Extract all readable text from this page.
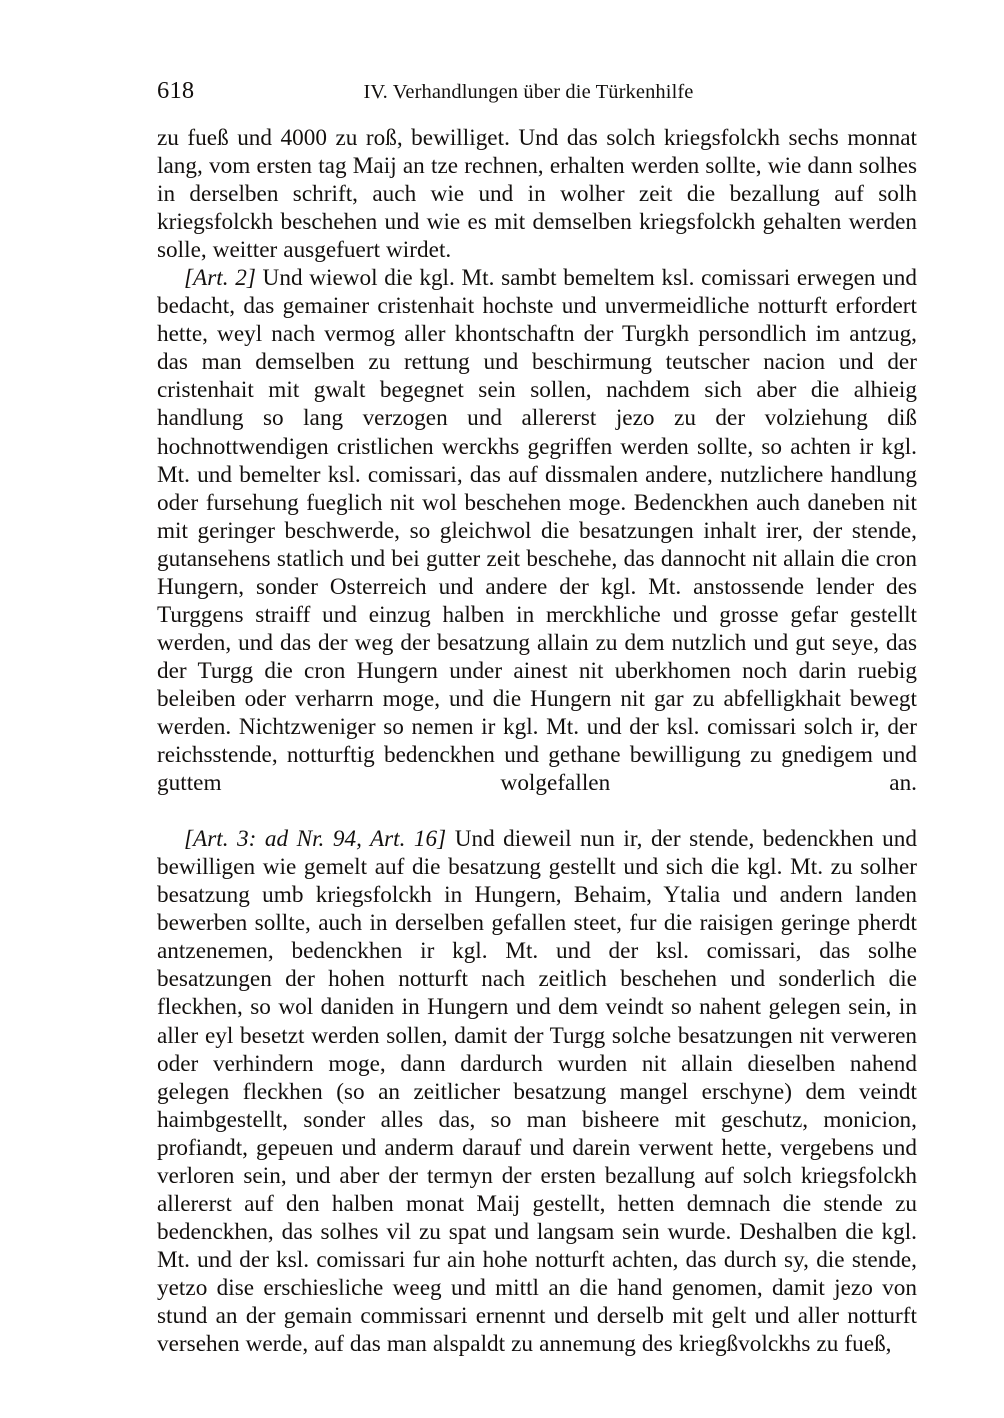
618	IV. Verhandlungen über die Türkenhilfe

zu fueß und 4000 zu roß, bewilliget. Und das solch kriegsfolckh sechs monnat lang, vom ersten tag Maij an tze rechnen, erhalten werden sollte, wie dann solhes in derselben schrift, auch wie und in wolher zeit die bezallung auf solh kriegsfolckh beschehen und wie es mit demselben kriegsfolckh gehalten werden solle, weitter ausgefuert wirdet.

[Art. 2] Und wiewol die kgl. Mt. sambt bemeltem ksl. comissari erwegen und bedacht, das gemainer cristenhait hochste und unvermeidliche notturft erfordert hette, weyl nach vermog aller khontschaftn der Turgkh persondlich im antzug, das man demselben zu rettung und beschirmung teutscher nacion und der cristenhait mit gwalt begegnet sein sollen, nachdem sich aber die alhieig handlung so lang verzogen und allererst jezo zu der volziehung diß hochnottwendigen cristlichen werckhs gegriffen werden sollte, so achten ir kgl. Mt. und bemelter ksl. comissari, das auf dissmalen andere, nutzlichere handlung oder fursehung fueglich nit wol beschehen moge. Bedenckhen auch daneben nit mit geringer beschwerde, so gleichwol die besatzungen inhalt irer, der stende, gutansehens statlich und bei gutter zeit beschehe, das dannocht nit allain die cron Hungern, sonder Osterreich und andere der kgl. Mt. anstossende lender des Turggens straiff und einzug halben in merckhliche und grosse gefar gestellt werden, und das der weg der besatzung allain zu dem nutzlich und gut seye, das der Turgg die cron Hungern under ainest nit uberkhomen noch darin ruebig beleiben oder verharrn moge, und die Hungern nit gar zu abfelligkhait bewegt werden. Nichtzweniger so nemen ir kgl. Mt. und der ksl. comissari solch ir, der reichsstende, notturftig bedenckhen und gethane bewilligung zu gnedigem und guttem wolgefallen an.

[Art. 3: ad Nr. 94, Art. 16] Und dieweil nun ir, der stende, bedenckhen und bewilligen wie gemelt auf die besatzung gestellt und sich die kgl. Mt. zu solher besatzung umb kriegsfolckh in Hungern, Behaim, Ytalia und andern landen bewerben sollte, auch in derselben gefallen steet, fur die raisigen geringe pherdt antzenemen, bedenckhen ir kgl. Mt. und der ksl. comissari, das solhe besatzungen der hohen notturft nach zeitlich beschehen und sonderlich die fleckhen, so wol daniden in Hungern und dem veindt so nahent gelegen sein, in aller eyl besetzt werden sollen, damit der Turgg solche besatzungen nit verweren oder verhindern moge, dann dardurch wurden nit allain dieselben nahend gelegen fleckhen (so an zeitlicher besatzung mangel erschyne) dem veindt haimbgestellt, sonder alles das, so man bisheere mit geschutz, monicion, profiandt, gepeuen und anderm darauf und darein verwent hette, vergebens und verloren sein, und aber der termyn der ersten bezallung auf solch kriegsfolckh allererst auf den halben monat Maij gestellt, hetten demnach die stende zu bedenckhen, das solhes vil zu spat und langsam sein wurde. Deshalben die kgl. Mt. und der ksl. comissari fur ain hohe notturft achten, das durch sy, die stende, yetzo dise erschiesliche weeg und mittl an die hand genomen, damit jezo von stund an der gemain commissari ernennt und derselb mit gelt und aller notturft versehen werde, auf das man alspaldt zu annemung des kriegßvolckhs zu fueß,
